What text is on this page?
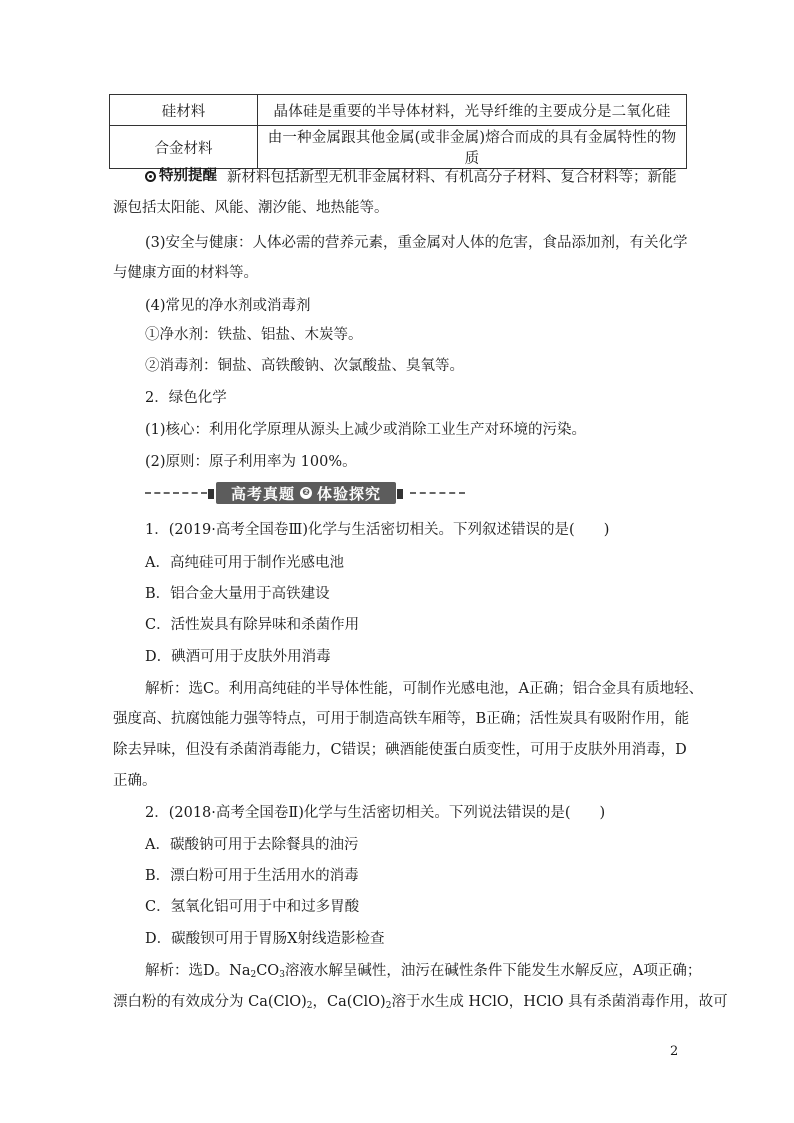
硅材料	晶体硅是重要的半导体材料，光导纤维的主要成分是二氧化硅
合金材料	由一种金属跟其他金属(或非金属)熔合而成的具有金属特性的物质
特别提醒 新材料包括新型无机非金属材料、有机高分子材料、复合材料等；新能
源包括太阳能、风能、潮汐能、地热能等。
(3)安全与健康：人体必需的营养元素，重金属对人体的危害，食品添加剂，有关化学
与健康方面的材料等。
(4)常见的净水剂或消毒剂
①净水剂：铁盐、铝盐、木炭等。
②消毒剂：铜盐、高铁酸钠、次氯酸盐、臭氧等。
2．绿色化学
(1)核心：利用化学原理从源头上减少或消除工业生产对环境的污染。
(2)原则：原子利用率为 100%。
高考真题 ❷ 体验探究
1．(2019·高考全国卷Ⅲ)化学与生活密切相关。下列叙述错误的是(　　)
A．高纯硅可用于制作光感电池
B．铝合金大量用于高铁建设
C．活性炭具有除异味和杀菌作用
D．碘酒可用于皮肤外用消毒
解析：选C。利用高纯硅的半导体性能，可制作光感电池，A正确；铝合金具有质地轻、
强度高、抗腐蚀能力强等特点，可用于制造高铁车厢等，B正确；活性炭具有吸附作用，能
除去异味，但没有杀菌消毒能力，C错误；碘酒能使蛋白质变性，可用于皮肤外用消毒，D
正确。
2．(2018·高考全国卷Ⅱ)化学与生活密切相关。下列说法错误的是(　　)
A．碳酸钠可用于去除餐具的油污
B．漂白粉可用于生活用水的消毒
C．氢氧化铝可用于中和过多胃酸
D．碳酸钡可用于胃肠X射线造影检查
解析：选D。$Na_2CO_3$溶液水解呈碱性，油污在碱性条件下能发生水解反应，A项正确；
漂白粉的有效成分为 $Ca(ClO)_2$，$Ca(ClO)_2$溶于水生成 HClO，HClO 具有杀菌消毒作用，故可
2
